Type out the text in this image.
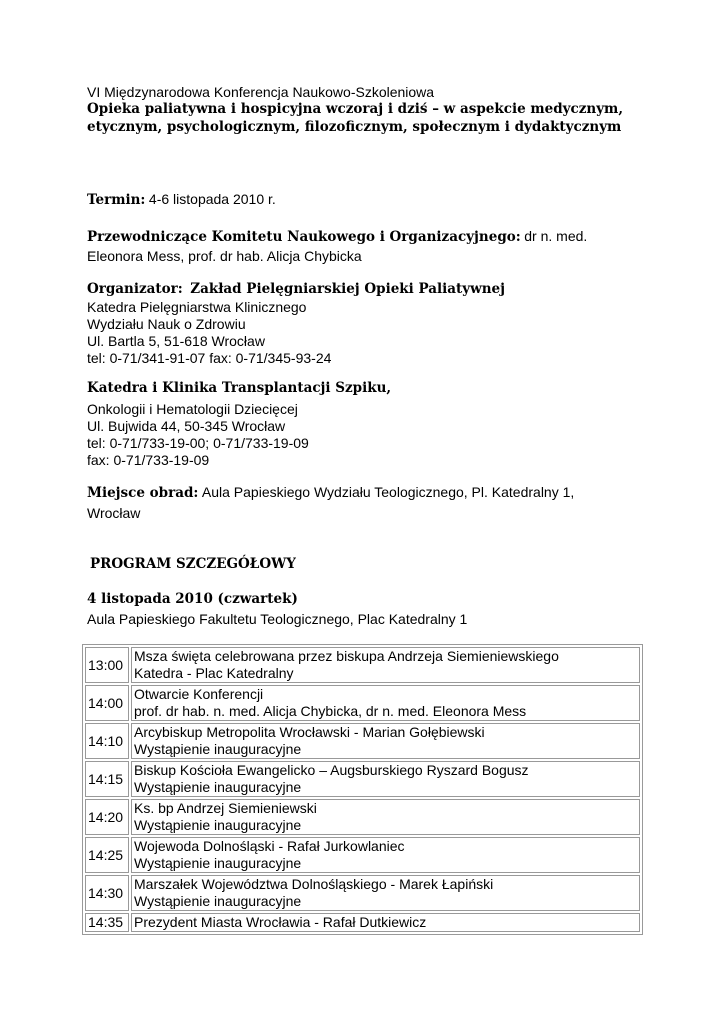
VI Międzynarodowa Konferencja Naukowo-Szkoleniowa
Opieka paliatywna i hospicyjna wczoraj i dziś – w aspekcie medycznym, etycznym, psychologicznym, filozoficznym, społecznym i dydaktycznym
Termin: 4-6 listopada 2010 r.
Przewodniczące Komitetu Naukowego i Organizacyjnego: dr n. med.
Eleonora Mess, prof. dr hab. Alicja Chybicka
Organizator: Zakład Pielęgniarskiej Opieki Paliatywnej
Katedra Pielęgniarstwa Klinicznego
Wydziału Nauk o Zdrowiu
Ul. Bartla 5, 51-618 Wrocław
tel: 0-71/341-91-07 fax: 0-71/345-93-24
Katedra i Klinika Transplantacji Szpiku,
Onkologii i Hematologii Dziecięcej
Ul. Bujwida 44, 50-345 Wrocław
tel: 0-71/733-19-00; 0-71/733-19-09
fax: 0-71/733-19-09
Miejsce obrad: Aula Papieskiego Wydziału Teologicznego, Pl. Katedralny 1,
Wrocław
PROGRAM SZCZEGÓŁOWY
4 listopada 2010 (czwartek)
Aula Papieskiego Fakultetu Teologicznego, Plac Katedralny 1
13:00	Msza święta celebrowana przez biskupa Andrzeja Siemieniewskiego
Katedra - Plac Katedralny

14:00	Otwarcie Konferencji
prof. dr hab. n. med. Alicja Chybicka, dr n. med. Eleonora Mess

14:10	Arcybiskup Metropolita Wrocławski - Marian Gołębiewski
Wystąpienie inauguracyjne

14:15	Biskup Kościoła Ewangelicko – Augsburskiego Ryszard Bogusz
Wystąpienie inauguracyjne

14:20	Ks. bp Andrzej Siemieniewski
Wystąpienie inauguracyjne

14:25	Wojewoda Dolnośląski - Rafał Jurkowlaniec
Wystąpienie inauguracyjne

14:30	Marszałek Województwa Dolnośląskiego - Marek Łapiński
Wystąpienie inauguracyjne

14:35	Prezydent Miasta Wrocławia - Rafał Dutkiewicz
